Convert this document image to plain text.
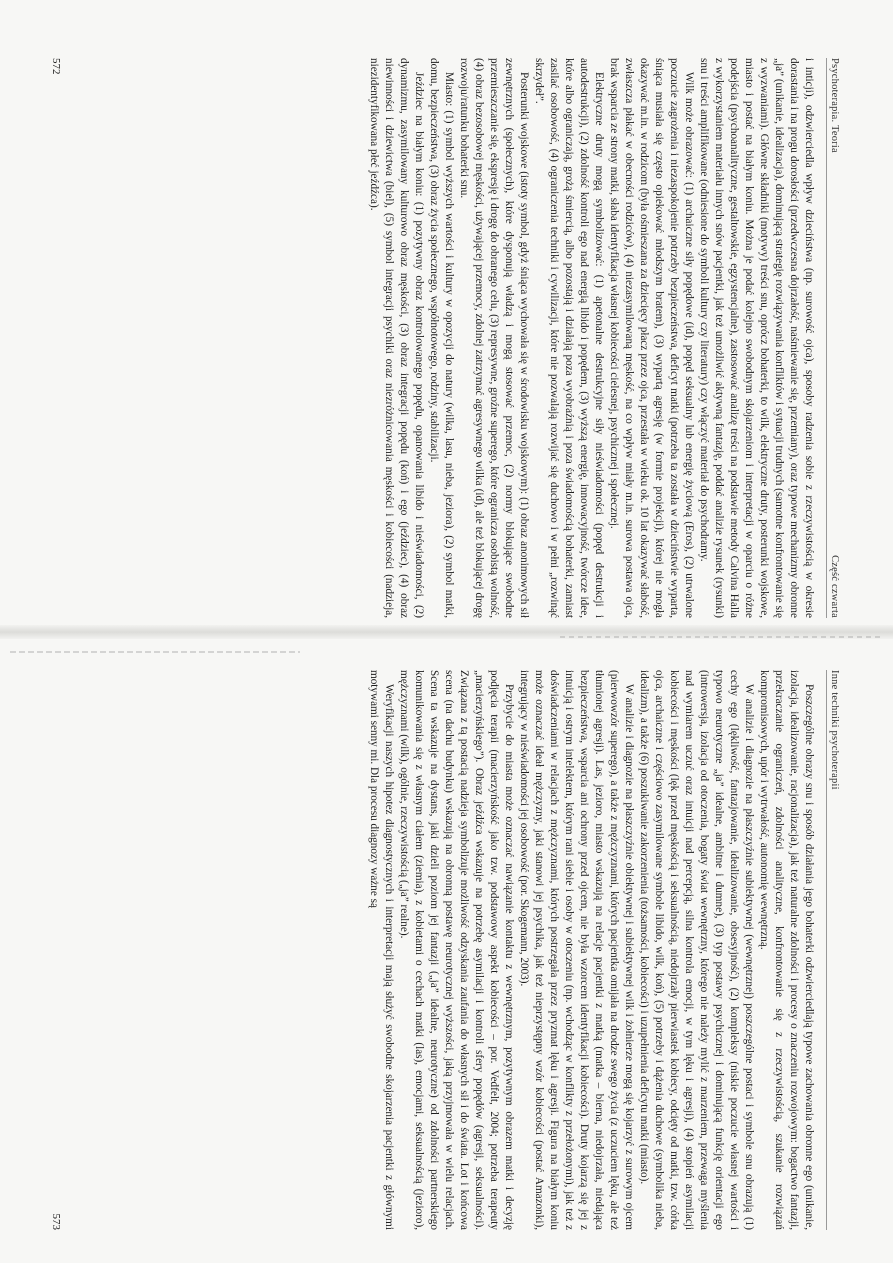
Psychoterapia. Teoria
Część czwarta

i inticji), odzwierciedla wpływ dzieciństwa (np. surowość ojca), sposoby radzenia sobie z rzeczywistością w okresie dorastania i na progu dorosłości (przedwczesna dojrzałość, naśmiewanie się, przemiany), oraz typowe mechanizmy obronne „ja” (unikanie, idealizacja), dominującą strategię rozwiązywania konfliktów i sytuacji trudnych (samotne konfrontowanie się z wyzwaniami). Główne składniki (motywy) treści snu, oprócz bohaterki, to wilk, elektryczne druty, posterunki wojskowe, miasto i postać na białym koniu. Można je podać kolejno swobodnym skojarzeniom i interpretacji w oparciu o różne podejścia (psychoanalityczne, gestaltowskie, egzystencjalne), zastosować analizę treści na podstawie metody Calvina Halla z wykorzystaniem materiału innych snów pacjentki, jak też umożliwić aktywną fantazję, poddać analizie rysunek (rysunki) snu i treści amplifikowane (odniesione do symboli kultury czy literatury) czy włączyć materiał do psychodramy.

Wilk może obrazować: (1) archaiczne siły popędowe (id), popęd seksualny lub energię życiową (Eros), (2) utrwalone poczucie zagrożenia i niezaspokojenie potrzeby bezpieczeństwa, deficyt matki (potrzeba ta została w dzieciństwie wyparta, śniąca musiała się często opiekować młodszym bratem), (3) wypartą agresję (w formie projekcji), której nie mogła okazywać m.in. w rodzicom (była ośmieszana za dziecięcy płacz przez ojca, przestała w wieku ok. 10 lat okazywać słabość, zwłaszcza płakać w obecności rodziców), (4) niezasymilowaną męskość, na co wpływ miały m.in. surowa postawa ojca, brak wsparcia ze strony matki, słaba identyfikacja własnej kobiecości cielesnej, psychicznej i społecznej.

Elektryczne druty mogą symbolizować: (1) apetonalne destrukcyjne siły nieświadomości (popęd destrukcji i autodestrukcji), (2) zdolność kontroli ego nad energią libido i popędem, (3) wyższą energię, innowacyjność, twórcze idee, które albo ograniczają, grożą śmiercią, albo pozostają i działają poza wyobraźnią i poza świadomością bohaterki, zamiast zasilać osobowość, (4) ograniczenia techniki i cywilizacji, które nie pozwalają rozwijać się duchowo i w pełni „rozwinąć skrzydeł”.

Posterunki wojskowe (istoty symbol, gdyż śniąca wychowała się w środowisku wojskowym): (1) obraz anonimowych sił zewnętrznych (społecznych), które dysponują władzą i mogą stosować przemoc, (2) normy blokujące swobodne przemieszczanie się, ekspresję i drogę do obranego celu, (3) represywne, groźne superego, które ogranicza osobistą wolność, (4) obraz bezosobowej męskości, używającej przemocy, zdolnej zatrzymać agresywnego wilka (id), ale też blokującej drogę rozwoju/ratunku bohaterki snu.

Miasto: (1) symbol wyższych wartości i kultury w opozycji do natury (wilka, lasu, nieba, jeziora), (2) symbol matki, domu, bezpieczeństwa, (3) obraz życia społecznego, współnotowego, rodziny, stabilizacji.

Jeździec na białym koniu: (1) pozytywny obraz kontrolowanego popędu, opanowania libido i nieświadomości, (2) dynamizmu, zasymilowany kulturowo obraz męskości, (3) obraz integracji popędu (koń) i ego (jeździec), (4) obraz niewinności i dziewictwa (biel), (5) symbol integracji psychiki oraz niezróżnicowania męskości i kobiecości (nadzieja, niezidentyfikowana płeć jeźdźca).

572
Inne techniki psychoterapii

Poszczególne obrazy snu i sposób działania jego bohaterki odzwierciedlają typowe zachowania obronne ego (unikanie, izolacja, idealizowanie, racjonalizacja), jak też naturalne zdolności i procesy o znaczeniu rozwojowym: bogactwo fantazji, przekraczanie ograniczeń, zdolności analityczne, konfrontowanie się z rzeczywistością, szukanie rozwiązań kompromisowych, upór i wytrwałość, autonomię wewnętrzną.

W analizie i diagnozie na płaszczyźnie subiektywnej (wewnętrznej) poszczególne postaci i symbole snu obrazują (1) cechy ego (lękliwość, fantazjowanie, idealizowanie, obsesyjność), (2) kompleksy (niskie poczucie własnej wartości i typowo neurotyczne „ja” idealne, ambitne i dumne), (3) typ postawy psychicznej i dominującą funkcję orientacji ego (introwersja, izolacja od otoczenia, bogaty świat wewnętrzny, którego nie należy mylić z marzeniem, przewaga myślenia nad wymiarem uczuć oraz intuicji nad percepcją, silna kontrola emocji, w tym lęku i agresji), (4) stopień asymilacji kobiecości i męskości (lęk przed męskością i seksualnością, niedojrzały pierwiastek kobiecy, odcięty od matki, tzw. córka ojca, archaiczne i częściowo zasymilowane symbole libido, wilk, koń), (5) potrzeby i dążenia duchowe (symbolika nieba, idealizm), a także (6) poszukiwanie zakorzenienia (tożsamości, kobiecości) i uzupełnienia deficytu matki (miasto).

W analizie i diagnozie na płaszczyźnie obiektywnej i subiektywnej wilk i żołnierze mogą się kojarzyć z surowym ojcem (pierwowzór superego), a także z mężczyznami, których pacjentka omijała na drodze swego życia (z uczuciem lęku, ale też tłumionej agresji). Las, jezioro, miasto wskazują na relacje pacjentki z matką (matka – bierna, niedojrzała, niedająca bezpieczeństwa, wsparcia ani ochrony przed ojcem, nie była wzorcem identyfikacji kobiecości). Druty kojarzą się jej z intuicją i ostrym intelektem, którym rani siebie i osoby w otoczeniu (np. wchodząc w konflikty z przełożonymi), jak też z doświadczeniami w relacjach z mężczyznami, których postrzegała przez pryzmat lęku i agresji. Figura na białym koniu może oznaczać ideał mężczyzny, jaki stanowi jej psychika, jak też nieprzystępny wzór kobiecości (postać Amazonki), integrujący w nieświadomości jej osobowość (por. Skogemann, 2003).

Przybycie do miasta może oznaczać nawiązanie kontaktu z wewnętrznym, pozytywnym obrazem matki i decyzję podjęcia terapii (macierzyńskość jako tzw. podstawowy aspekt kobiecości – por. Vedfelt, 2004; potrzeba terapeuty „macierzyńskiego”). Obraz jeźdźca wskazuje na potrzebę asymilacji i kontroli sfery popędów (agresji, seksualności). Związana z tą postacią nadzieja symbolizuje możliwość odzyskania zaufania do własnych sił i do świata. Lot i końcowa scena (na dachu budynku) wskazują na obronną postawę neurotycznej wyższości, jaką przyjmowała w wielu relacjach. Scena ta wskazuje na dystans, jaki dzieli poziom jej fantazji („ja” idealne, neurotyczne) od zdolności partnerskiego komunikowania się z własnym ciałem (ziemia), z kobietami o cechach matki (las), emocjami, seksualnością (jezioro), mężczyznami (wilk), ogólnie, rzeczywistością („ja” realne).

Weryfikacji naszych hipotez diagnostycznych i interpretacji mają służyć swobodne skojarzenia pacjentki z głównymi motywami senny mi. Dla procesu diagnozy ważne są

573
